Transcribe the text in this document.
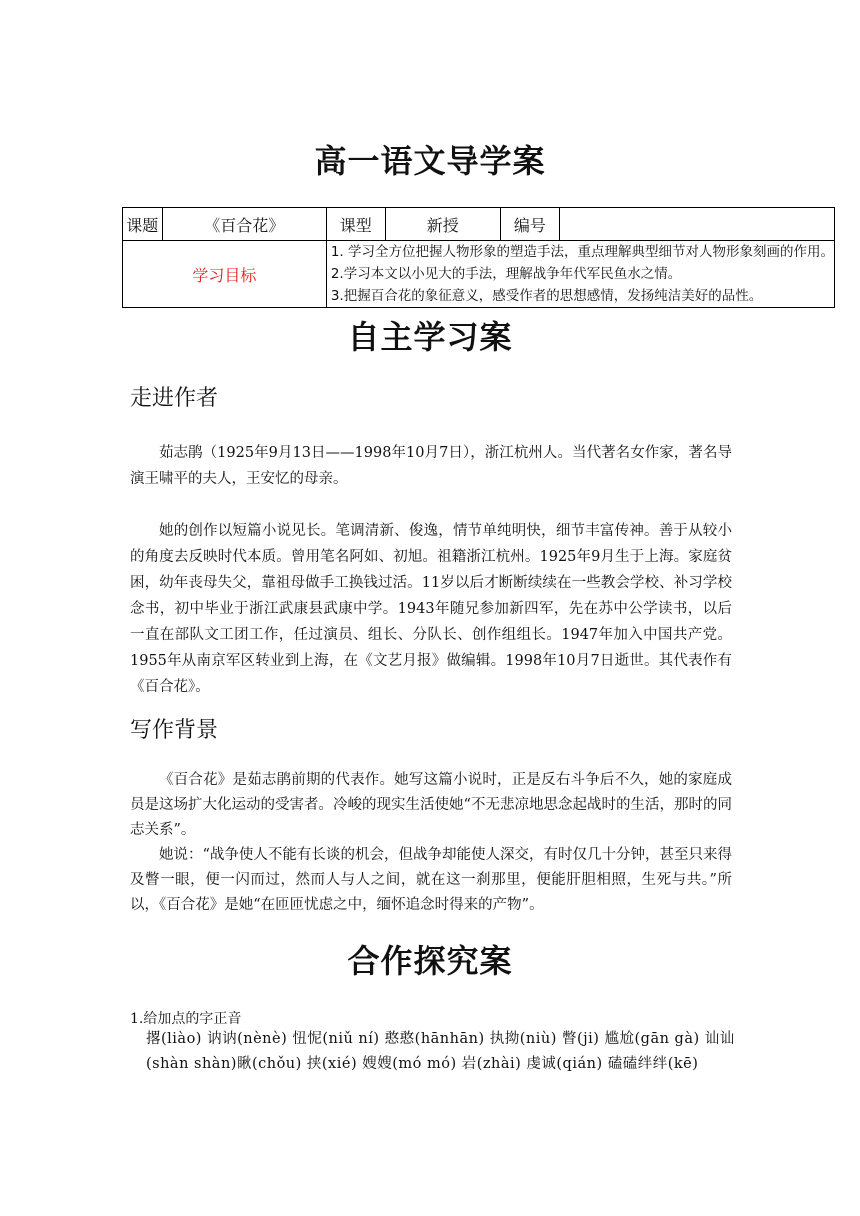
高一语文导学案
课题	《百合花》	课型	新授	编号	
学习目标		1. 学习全方位把握人物形象的塑造手法，重点理解典型细节对人物形象刻画的作用。
2.学习本文以小见大的手法，理解战争年代军民鱼水之情。
3.把握百合花的象征意义，感受作者的思想感情，发扬纯洁美好的品性。			
自主学习案
走进作者

茹志鹃（1925年9月13日——1998年10月7日），浙江杭州人。当代著名女作家，著名导演王啸平的夫人，王安忆的母亲。

她的创作以短篇小说见长。笔调清新、俊逸，情节单纯明快，细节丰富传神。善于从较小的角度去反映时代本质。曾用笔名阿如、初旭。祖籍浙江杭州。1925年9月生于上海。家庭贫困，幼年丧母失父，靠祖母做手工换钱过活。11岁以后才断断续续在一些教会学校、补习学校念书，初中毕业于浙江武康县武康中学。1943年随兄参加新四军，先在苏中公学读书，以后一直在部队文工团工作，任过演员、组长、分队长、创作组组长。1947年加入中国共产党。1955年从南京军区转业到上海，在《文艺月报》做编辑。1998年10月7日逝世。其代表作有《百合花》。

写作背景

《百合花》是茹志鹃前期的代表作。她写这篇小说时，正是反右斗争后不久，她的家庭成员是这场扩大化运动的受害者。冷峻的现实生活使她“不无悲凉地思念起战时的生活，那时的同志关系”。

她说：“战争使人不能有长谈的机会，但战争却能使人深交，有时仅几十分钟，甚至只来得及瞥一眼，便一闪而过，然而人与人之间，就在这一刹那里，便能肝胆相照，生死与共。”所以，《百合花》是她“在匝匝忧虑之中，缅怀追念时得来的产物”。

合作探究案
1.给加点的字正音
撂(liào) 讷讷(nènè) 忸怩(niǔ ní) 憨憨(hānhān) 执拗(niù) 瞥(ji) 尴尬(gān gà) 讪讪(shàn shàn)瞅(chǒu) 挟(xié) 嫂嫂(mó mó) 岩(zhài) 虔诚(qián) 磕磕绊绊(kē)
